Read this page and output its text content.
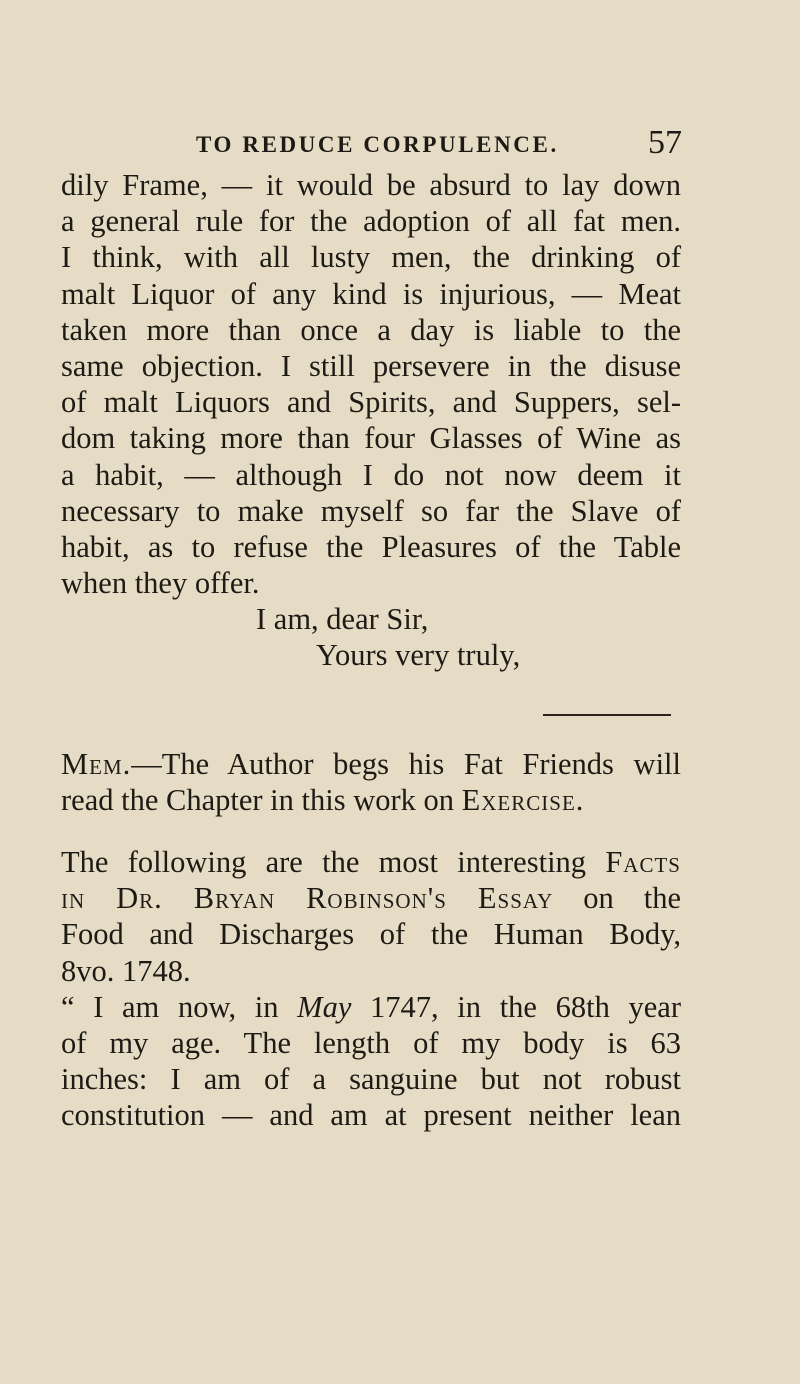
TO REDUCE CORPULENCE.	57
dily Frame, — it would be absurd to lay down
a general rule for the adoption of all fat men.
I think, with all lusty men, the drinking of
malt Liquor of any kind is injurious, — Meat
taken more than once a day is liable to the
same objection. I still persevere in the disuse
of malt Liquors and Spirits, and Suppers, sel-
dom taking more than four Glasses of Wine as
a habit, — although I do not now deem it
necessary to make myself so far the Slave of
habit, as to refuse the Pleasures of the Table
when they offer.
I am, dear Sir,
Yours very truly,
Mem.—The Author begs his Fat Friends will
read the Chapter in this work on Exercise.
The following are the most interesting Facts
in Dr. Bryan Robinson's Essay on the
Food and Discharges of the Human Body,
8vo. 1748.
“ I am now, in May 1747, in the 68th year
of my age. The length of my body is 63
inches: I am of a sanguine but not robust
constitution — and am at present neither lean
